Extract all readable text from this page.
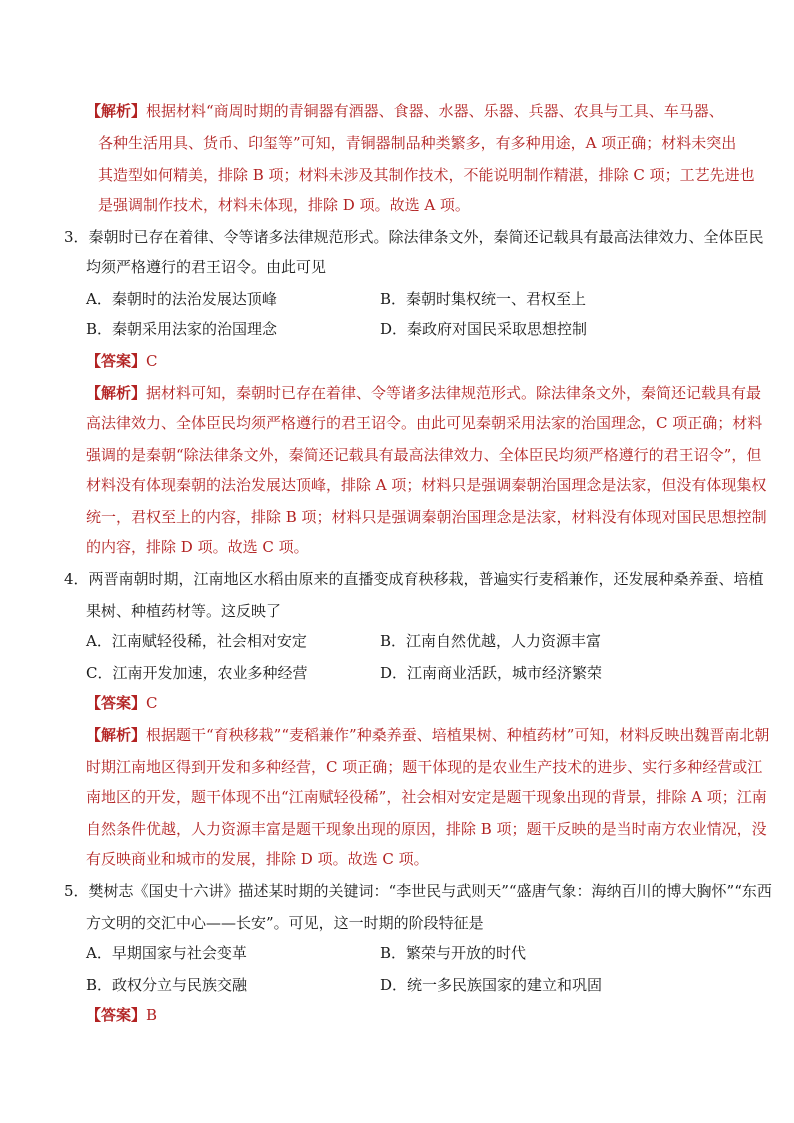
【解析】根据材料“商周时期的青铜器有酒器、食器、水器、乐器、兵器、农具与工具、车马器、
各种生活用具、货币、印玺等”可知，青铜器制品种类繁多，有多种用途，A 项正确；材料未突出
其造型如何精美，排除 B 项；材料未涉及其制作技术，不能说明制作精湛，排除 C 项；工艺先进也
是强调制作技术，材料未体现，排除 D 项。故选 A 项。
3．秦朝时已存在着律、令等诸多法律规范形式。除法律条文外，秦简还记载具有最高法律效力、全体臣民
均须严格遵行的君王诏令。由此可见
A．秦朝时的法治发展达顶峰	B．秦朝时集权统一、君权至上
B．秦朝采用法家的治国理念	D．秦政府对国民采取思想控制
【答案】C
【解析】据材料可知，秦朝时已存在着律、令等诸多法律规范形式。除法律条文外，秦简还记载具有最
高法律效力、全体臣民均须严格遵行的君王诏令。由此可见秦朝采用法家的治国理念，C 项正确；材料
强调的是秦朝“除法律条文外，秦简还记载具有最高法律效力、全体臣民均须严格遵行的君王诏令”，但
材料没有体现秦朝的法治发展达顶峰，排除 A 项；材料只是强调秦朝治国理念是法家，但没有体现集权
统一，君权至上的内容，排除 B 项；材料只是强调秦朝治国理念是法家，材料没有体现对国民思想控制
的内容，排除 D 项。故选 C 项。
4．两晋南朝时期，江南地区水稻由原来的直播变成育秧移栽，普遍实行麦稻兼作，还发展种桑养蚕、培植
果树、种植药材等。这反映了
A．江南赋轻役稀，社会相对安定	B．江南自然优越，人力资源丰富
C．江南开发加速，农业多种经营	D．江南商业活跃，城市经济繁荣
【答案】C
【解析】根据题干“育秧移栽”“麦稻兼作”种桑养蚕、培植果树、种植药材”可知，材料反映出魏晋南北朝
时期江南地区得到开发和多种经营，C 项正确；题干体现的是农业生产技术的进步、实行多种经营或江
南地区的开发，题干体现不出“江南赋轻役稀”，社会相对安定是题干现象出现的背景，排除 A 项；江南
自然条件优越，人力资源丰富是题干现象出现的原因，排除 B 项；题干反映的是当时南方农业情况，没
有反映商业和城市的发展，排除 D 项。故选 C 项。
5．樊树志《国史十六讲》描述某时期的关键词：“李世民与武则天”“盛唐气象：海纳百川的博大胸怀”“东西
方文明的交汇中心——长安”。可见，这一时期的阶段特征是
A．早期国家与社会变革	B．繁荣与开放的时代
B．政权分立与民族交融	D．统一多民族国家的建立和巩固
【答案】B
